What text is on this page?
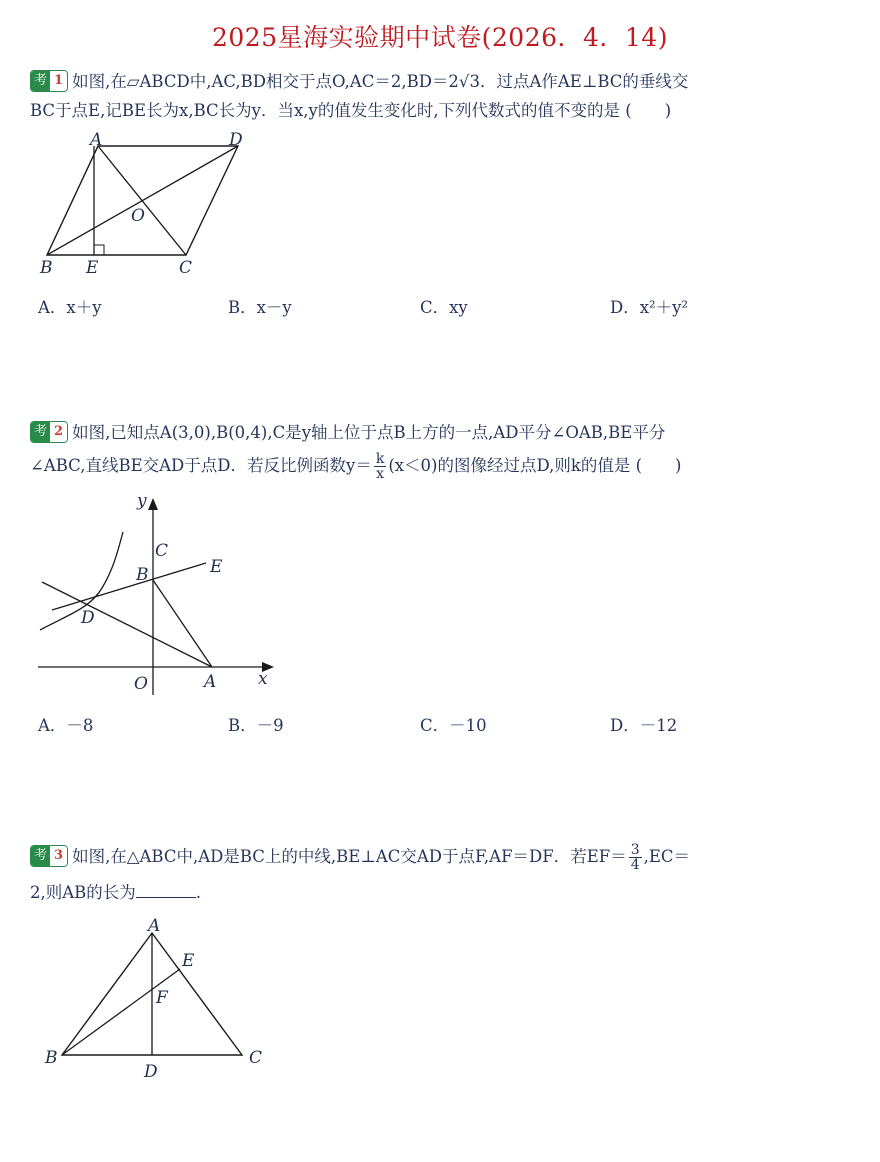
2025星海实验期中试卷(2026．4．14)
考 1 如图,在▱ABCD中,AC,BD相交于点O,AC＝2,BD＝2√3．过点A作AE⊥BC的垂线交
BC于点E,记BE长为x,BC长为y．当x,y的值发生变化时,下列代数式的值不变的是 (　　)
A	D
O
B E	C
A．x＋y	B．x－y	C．xy	D．x²＋y²
考 2 如图,已知点A(3,0),B(0,4),C是y轴上位于点B上方的一点,AD平分∠OAB,BE平分
∠ABC,直线BE交AD于点D．若反比例函数$y= \frac{k}{x} (x<0)$的图像经过点D,则k的值是 (　　)
y
C
B	E
D
O	A x
A．－8	B．－9	C．－10	D．－12
考 3 如图,在△ABC中,AD是BC上的中线,BE⊥AC交AD于点F,AF＝DF．若$EF= \frac{3}{4} ,EC=$
2,则AB的长为	.
A
E
F
B
D
C
